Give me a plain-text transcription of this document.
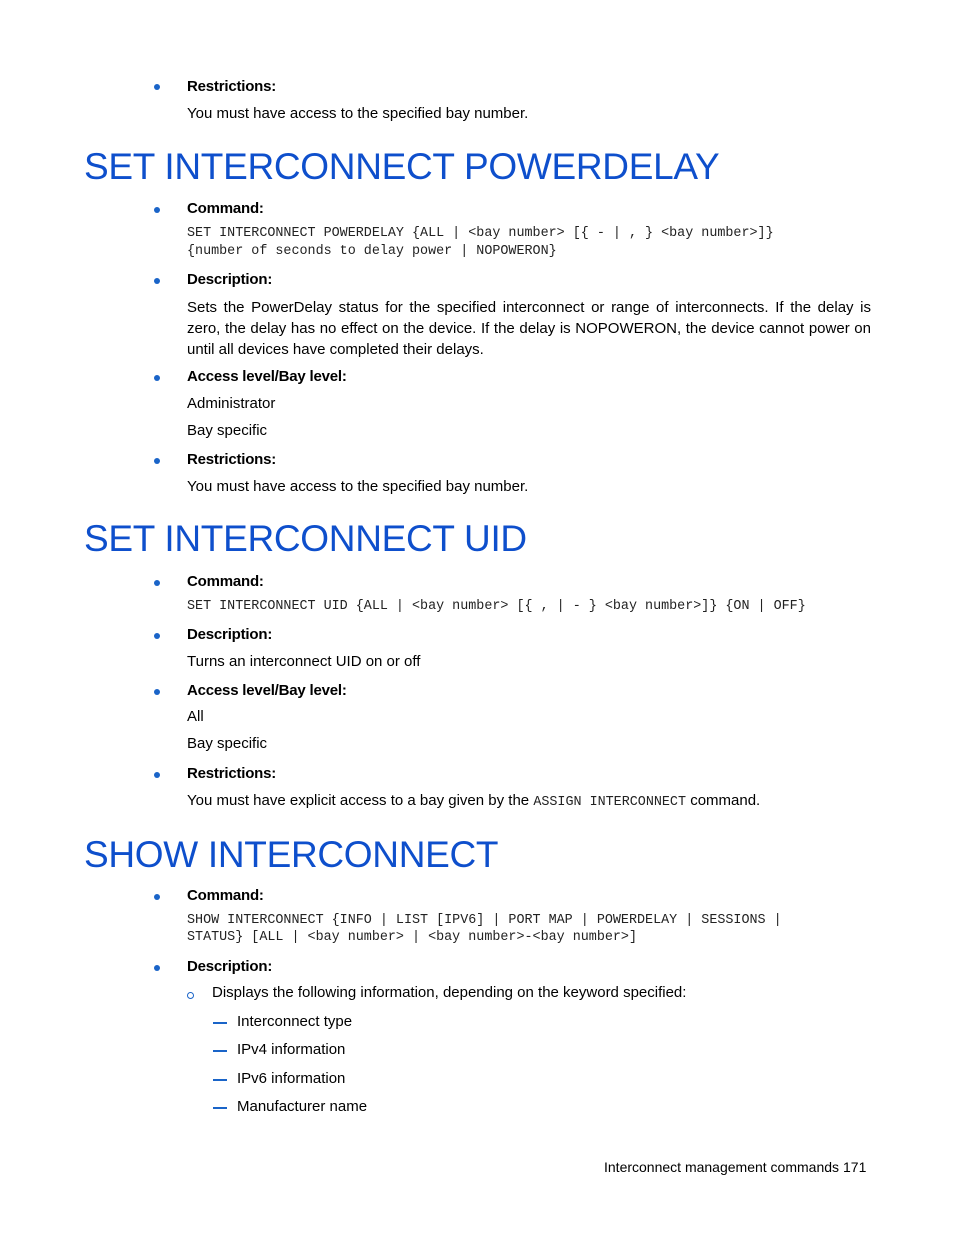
Restrictions:
You must have access to the specified bay number.
SET INTERCONNECT POWERDELAY
Command:
SET INTERCONNECT POWERDELAY {ALL | <bay number> [{ - | , } <bay number>]}
{number of seconds to delay power | NOPOWERON}
Description:
Sets the PowerDelay status for the specified interconnect or range of interconnects. If the delay is zero, the delay has no effect on the device. If the delay is NOPOWERON, the device cannot power on until all devices have completed their delays.
Access level/Bay level:
Administrator
Bay specific
Restrictions:
You must have access to the specified bay number.
SET INTERCONNECT UID
Command:
SET INTERCONNECT UID {ALL | <bay number> [{ , | - } <bay number>]} {ON | OFF}
Description:
Turns an interconnect UID on or off
Access level/Bay level:
All
Bay specific
Restrictions:
You must have explicit access to a bay given by the ASSIGN INTERCONNECT command.
SHOW INTERCONNECT
Command:
SHOW INTERCONNECT {INFO | LIST [IPV6] | PORT MAP | POWERDELAY | SESSIONS |
STATUS} [ALL | <bay number> | <bay number>-<bay number>]
Description:
Displays the following information, depending on the keyword specified:
Interconnect type
IPv4 information
IPv6 information
Manufacturer name
Interconnect management commands 171
